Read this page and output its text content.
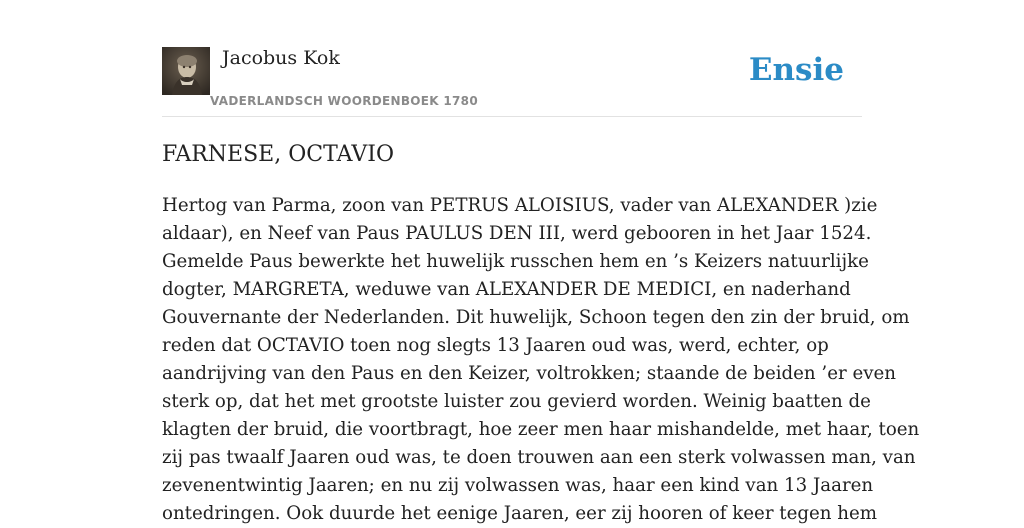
Jacobus Kok
VADERLANDSCH WOORDENBOEK 1780
Ensie
FARNESE, OCTAVIO
Hertog van Parma, zoon van PETRUS ALOISIUS, vader van ALEXANDER )zie
aldaar), en Neef van Paus PAULUS DEN III, werd gebooren in het Jaar 1524.
Gemelde Paus bewerkte het huwelijk russchen hem en ’s Keizers natuurlijke
dogter, MARGRETA, weduwe van ALEXANDER DE MEDICI, en naderhand
Gouvernante der Nederlanden. Dit huwelijk, Schoon tegen den zin der bruid, om
reden dat OCTAVIO toen nog slegts 13 Jaaren oud was, werd, echter, op
aandrijving van den Paus en den Keizer, voltrokken; staande de beiden ’er even
sterk op, dat het met grootste luister zou gevierd worden. Weinig baatten de
klagten der bruid, die voortbragt, hoe zeer men haar mishandelde, met haar, toen
zij pas twaalf Jaaren oud was, te doen trouwen aan een sterk volwassen man, van
zevenentwintig Jaaren; en nu zij volwassen was, haar een kind van 13 Jaaren
ontedringen. Ook duurde het eenige Jaaren, eer zij hooren of keer tegen hem
